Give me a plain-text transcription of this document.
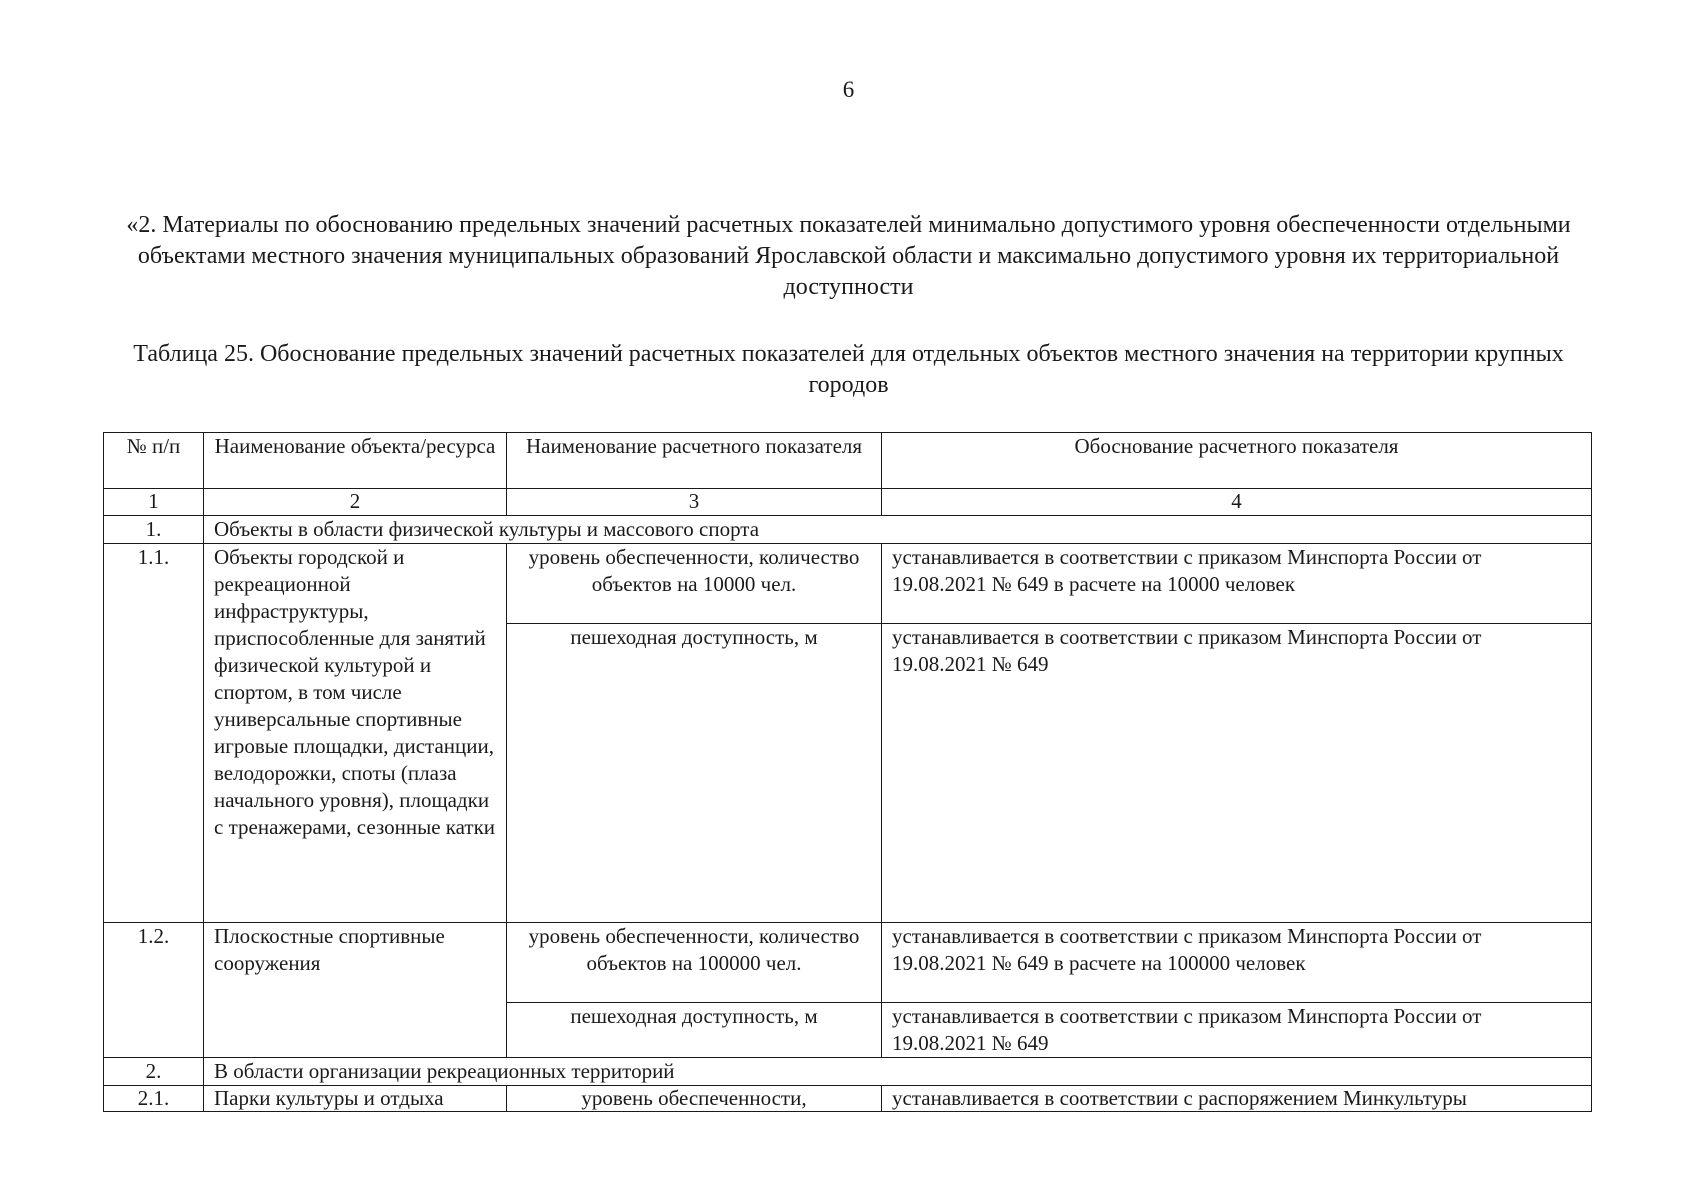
6
«2. Материалы по обоснованию предельных значений расчетных показателей минимально допустимого уровня обеспеченности отдельными объектами местного значения муниципальных образований Ярославской области и максимально допустимого уровня их территориальной доступности
Таблица 25. Обоснование предельных значений расчетных показателей для отдельных объектов местного значения на территории крупных городов
№ п/п	Наименование объекта/ресурса	Наименование расчетного показателя	Обоснование расчетного показателя
1	2	3	4
1.	Объекты в области физической культуры и массового спорта		
1.1.	Объекты городской и рекреационной инфраструктуры, приспособленные для занятий физической культурой и спортом, в том числе универсальные спортивные игровые площадки, дистанции, велодорожки, споты (плаза начального уровня), площадки с тренажерами, сезонные катки	уровень обеспеченности, количество объектов на 10000 чел.	устанавливается в соответствии с приказом Минспорта России от 19.08.2021 № 649 в расчете на 10000 человек
		пешеходная доступность, м	устанавливается в соответствии с приказом Минспорта России от 19.08.2021 № 649
1.2.	Плоскостные спортивные сооружения	уровень обеспеченности, количество объектов на 100000 чел.	устанавливается в соответствии с приказом Минспорта России от 19.08.2021 № 649 в расчете на 100000 человек
		пешеходная доступность, м	устанавливается в соответствии с приказом Минспорта России от 19.08.2021 № 649
2.	В области организации рекреационных территорий		
2.1.	Парки культуры и отдыха	уровень обеспеченности,	устанавливается в соответствии с распоряжением Минкультуры
